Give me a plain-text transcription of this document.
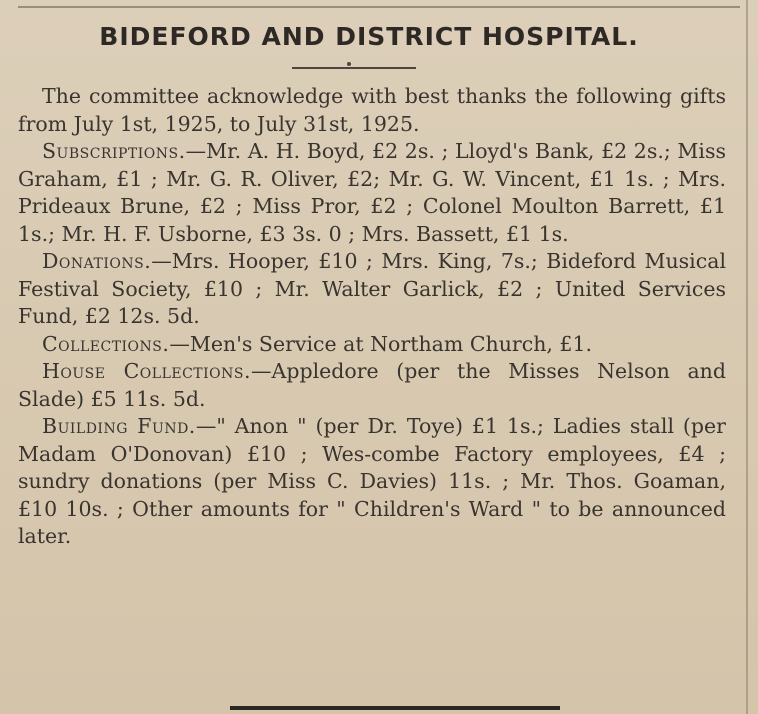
BIDEFORD AND DISTRICT HOSPITAL.

The committee acknowledge with best thanks the following gifts from July 1st, 1925, to July 31st, 1925.

Subscriptions.—Mr. A. H. Boyd, £2 2s. ; Lloyd's Bank, £2 2s.; Miss Graham, £1 ; Mr. G. R. Oliver, £2; Mr. G. W. Vincent, £1 1s. ; Mrs. Prideaux Brune, £2 ; Miss Pror, £2 ; Colonel Moulton Barrett, £1 1s.; Mr. H. F. Usborne, £3 3s. 0 ; Mrs. Bassett, £1 1s.

Donations.—Mrs. Hooper, £10 ; Mrs. King, 7s.; Bideford Musical Festival Society, £10 ; Mr. Walter Garlick, £2 ; United Services Fund, £2 12s. 5d.

Collections.—Men's Service at Northam Church, £1.

House Collections.—Appledore (per the Misses Nelson and Slade) £5 11s. 5d.

Building Fund.—" Anon " (per Dr. Toye) £1 1s.; Ladies stall (per Madam O'Donovan) £10 ; Wes-combe Factory employees, £4 ; sundry donations (per Miss C. Davies) 11s. ; Mr. Thos. Goaman, £10 10s. ; Other amounts for " Children's Ward " to be announced later.
